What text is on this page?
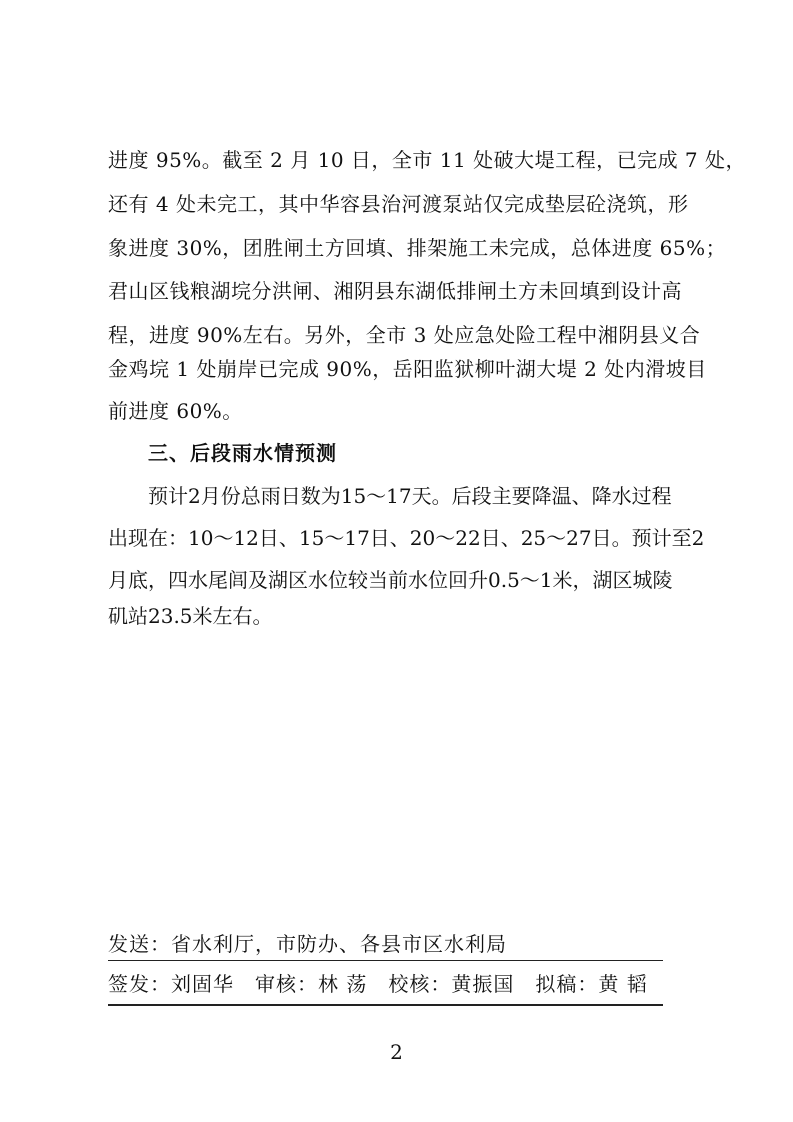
进度 95%。截至 2 月 10 日，全市 11 处破大堤工程，已完成 7 处，
还有 4 处未完工，其中华容县治河渡泵站仅完成垫层砼浇筑，形
象进度 30%，团胜闸土方回填、排架施工未完成，总体进度 65%；
君山区钱粮湖垸分洪闸、湘阴县东湖低排闸土方未回填到设计高
程，进度 90%左右。另外，全市 3 处应急处险工程中湘阴县义合
金鸡垸 1 处崩岸已完成 90%，岳阳监狱柳叶湖大堤 2 处内滑坡目
前进度 60%。
三、后段雨水情预测
预计2月份总雨日数为15～17天。后段主要降温、降水过程
出现在：10～12日、15～17日、20～22日、25～27日。预计至2
月底，四水尾闾及湖区水位较当前水位回升0.5～1米，湖区城陵
矶站23.5米左右。
发送：省水利厅，市防办、各县市区水利局
签发：刘固华　审核：林 荡　校核：黄振国　拟稿：黄 韬
2
